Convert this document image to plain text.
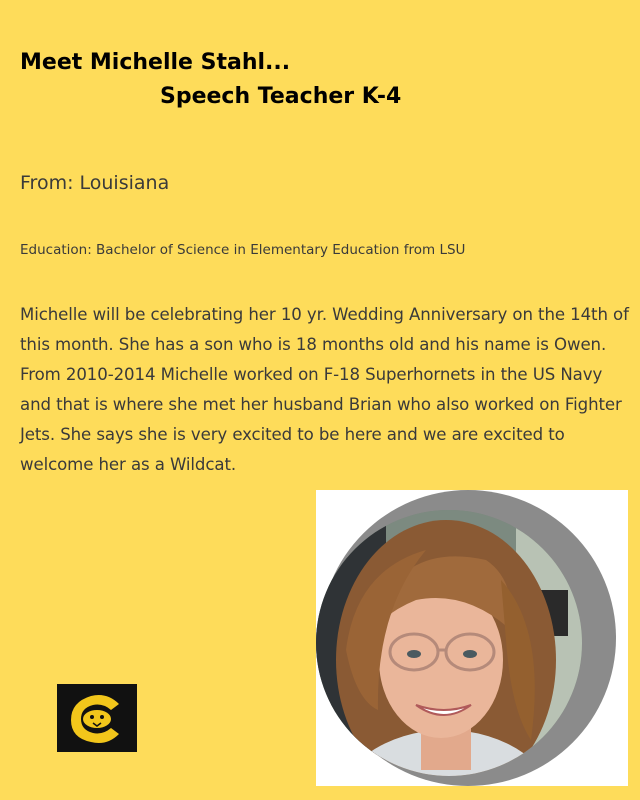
Meet Michelle Stahl...
Speech Teacher K-4
From: Louisiana
Education: Bachelor of Science in Elementary Education from LSU
Michelle will be celebrating her 10 yr. Wedding Anniversary on the 14th of this month. She has a son who is 18 months old and his name is Owen. From 2010-2014 Michelle worked on F-18 Superhornets in the US Navy and that is where she met her husband Brian who also worked on Fighter Jets. She says she is very excited to be here and we are excited to welcome her as a Wildcat.
